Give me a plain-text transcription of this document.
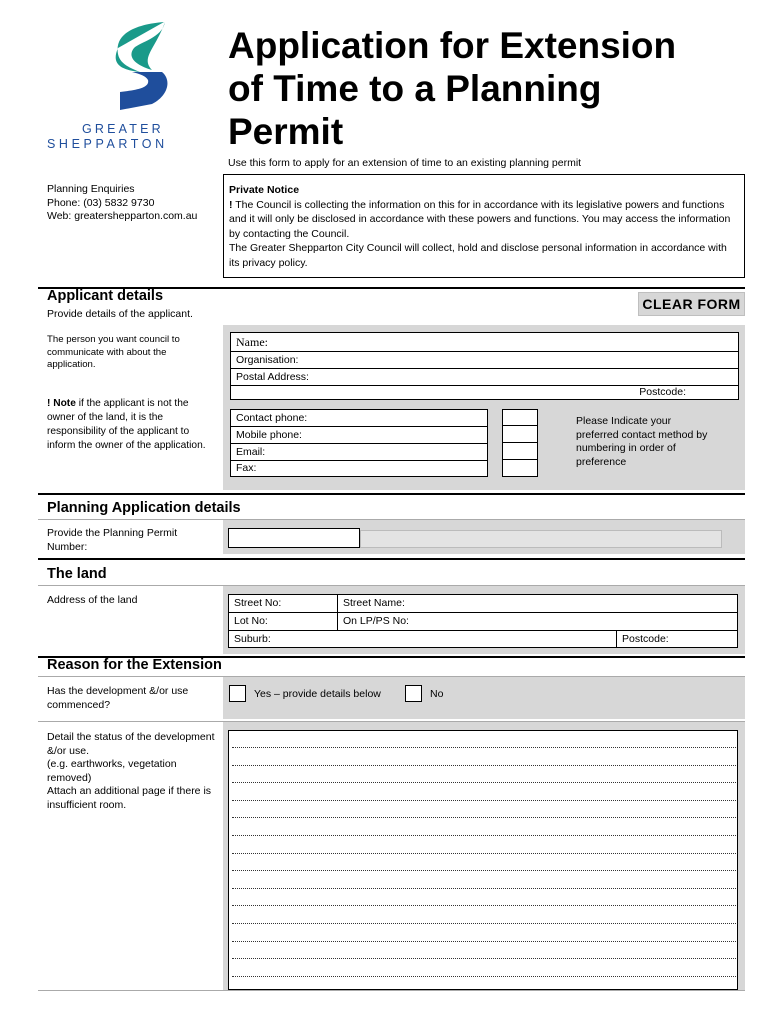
GREATER
SHEPPARTON
Application for Extension
of Time to a Planning
Permit
Use this form to apply for an extension of time to an existing planning permit
Planning Enquiries
Phone: (03) 5832 9730
Web: greatershepparton.com.au

Private Notice

! The Council is collecting the information on this for in accordance with its legislative powers and functions and it will only be disclosed in accordance with these powers and functions. You may access the information by contacting the Council.

The Greater Shepparton City Council will collect, hold and disclose personal information in accordance with its privacy policy.

Applicant details
Provide details of the applicant.
CLEAR FORM
The person you want council to communicate with about the application.
! Note if the applicant is not the owner of the land, it is the responsibility of the applicant to inform the owner of the application.
Name:
Organisation:
Postal Address:
Postcode:
Contact phone:
Mobile phone:
Email:
Fax:
Please Indicate your preferred contact method by numbering in order of preference
Planning Application details
Provide the Planning Permit Number:
The land
Address of the land	Street No:	Street Name:
Lot No:	On LP/PS No:
Suburb:	Postcode:
Reason for the Extension
Has the development &/or use commenced?
Yes – provide details below	No
Detail the status of the development &/or use.
(e.g. earthworks, vegetation removed)
Attach an additional page if there is insufficient room.
